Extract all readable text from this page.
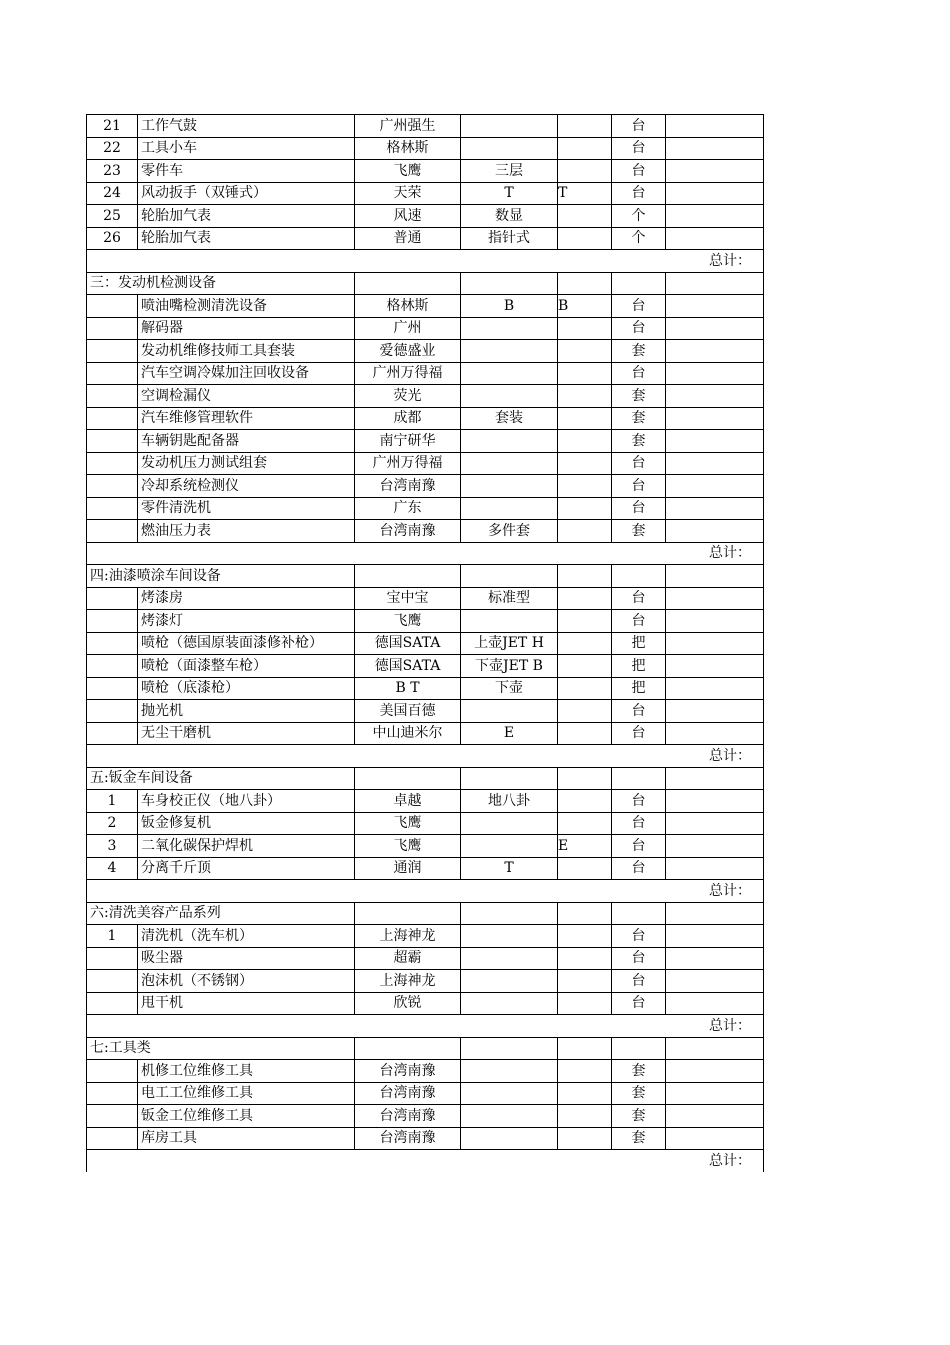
21	工作气鼓	广州强生			台	
22	工具小车	格林斯			台	
23	零件车	飞鹰	三层		台	
24	风动扳手（双锤式）	天荣	T	T	台	
25	轮胎加气表	风速	数显		个	
26	轮胎加气表	普通	指针式		个	
总计：						
三：发动机检测设备						
	喷油嘴检测清洗设备	格林斯	B	B	台	
	解码器	广州			台	
	发动机维修技师工具套装	爱德盛业			套	
	汽车空调冷媒加注回收设备	广州万得福			台	
	空调检漏仪	荧光			套	
	汽车维修管理软件	成都	套装		套	
	车辆钥匙配备器	南宁研华			套	
	发动机压力测试组套	广州万得福			台	
	冷却系统检测仪	台湾南豫			台	
	零件清洗机	广东			台	
	燃油压力表	台湾南豫	多件套		套	
总计：						
四:油漆喷涂车间设备						
	烤漆房	宝中宝	标准型		台	
	烤漆灯	飞鹰			台	
	喷枪（德国原装面漆修补枪）	德国SATA	上壶JET H		把	
	喷枪（面漆整车枪）	德国SATA	下壶JET B		把	
	喷枪（底漆枪）	B T	下壶		把	
	抛光机	美国百德			台	
	无尘干磨机	中山迪米尔	E		台	
总计：						
五:钣金车间设备						
1	车身校正仪（地八卦）	卓越	地八卦		台	
2	钣金修复机	飞鹰			台	
3	二氧化碳保护焊机	飞鹰		E	台	
4	分离千斤顶	通润	T		台	
总计：						
六:清洗美容产品系列						
1	清洗机（洗车机）	上海神龙			台	
	吸尘器	超霸			台	
	泡沫机（不锈钢）	上海神龙			台	
	甩干机	欣锐			台	
总计：						
七:工具类						
	机修工位维修工具	台湾南豫			套	
	电工工位维修工具	台湾南豫			套	
	钣金工位维修工具	台湾南豫			套	
	库房工具	台湾南豫			套	
总计：						
